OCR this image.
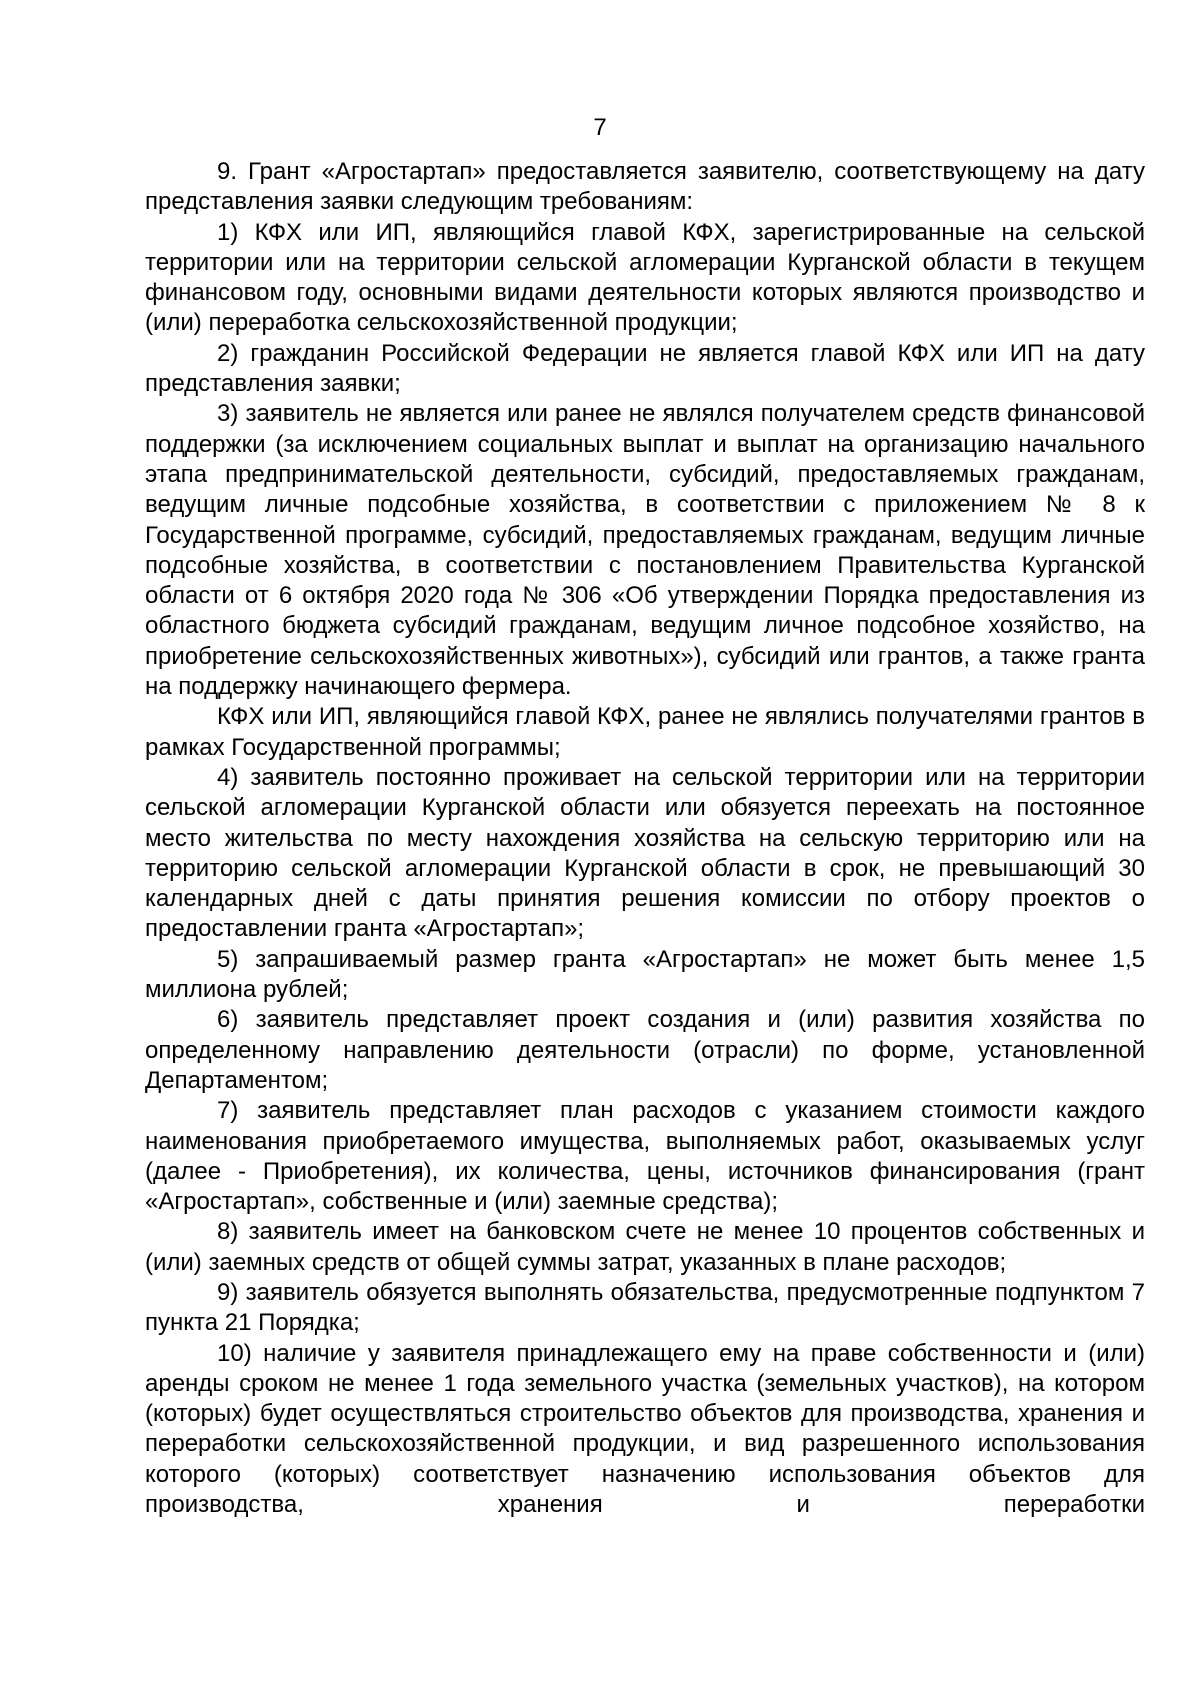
7

9. Грант «Агростартап» предоставляется заявителю, соответствующему на дату представления заявки следующим требованиям:

1) КФХ или ИП, являющийся главой КФХ, зарегистрированные на сельской территории или на территории сельской агломерации Курганской области в текущем финансовом году, основными видами деятельности которых являются производство и (или) переработка сельскохозяйственной продукции;

2) гражданин Российской Федерации не является главой КФХ или ИП на дату представления заявки;

3) заявитель не является или ранее не являлся получателем средств финансовой поддержки (за исключением социальных выплат и выплат на организацию начального этапа предпринимательской деятельности, субсидий, предоставляемых гражданам, ведущим личные подсобные хозяйства, в соответствии с приложением № 8 к Государственной программе, субсидий, предоставляемых гражданам, ведущим личные подсобные хозяйства, в соответствии с постановлением Правительства Курганской области от 6 октября 2020 года № 306 «Об утверждении Порядка предоставления из областного бюджета субсидий гражданам, ведущим личное подсобное хозяйство, на приобретение сельскохозяйственных животных»), субсидий или грантов, а также гранта на поддержку начинающего фермера.

КФХ или ИП, являющийся главой КФХ, ранее не являлись получателями грантов в рамках Государственной программы;

4) заявитель постоянно проживает на сельской территории или на территории сельской агломерации Курганской области или обязуется переехать на постоянное место жительства по месту нахождения хозяйства на сельскую территорию или на территорию сельской агломерации Курганской области в срок, не превышающий 30 календарных дней с даты принятия решения комиссии по отбору проектов о предоставлении гранта «Агростартап»;

5) запрашиваемый размер гранта «Агростартап» не может быть менее 1,5 миллиона рублей;

6) заявитель представляет проект создания и (или) развития хозяйства по определенному направлению деятельности (отрасли) по форме, установленной Департаментом;

7) заявитель представляет план расходов с указанием стоимости каждого наименования приобретаемого имущества, выполняемых работ, оказываемых услуг (далее - Приобретения), их количества, цены, источников финансирования (грант «Агростартап», собственные и (или) заемные средства);

8) заявитель имеет на банковском счете не менее 10 процентов собственных и (или) заемных средств от общей суммы затрат, указанных в плане расходов;

9) заявитель обязуется выполнять обязательства, предусмотренные подпунктом 7 пункта 21 Порядка;

10) наличие у заявителя принадлежащего ему на праве собственности и (или) аренды сроком не менее 1 года земельного участка (земельных участков), на котором (которых) будет осуществляться строительство объектов для производства, хранения и переработки сельскохозяйственной продукции, и вид разрешенного использования которого (которых) соответствует назначению использования объектов для производства, хранения и переработки
